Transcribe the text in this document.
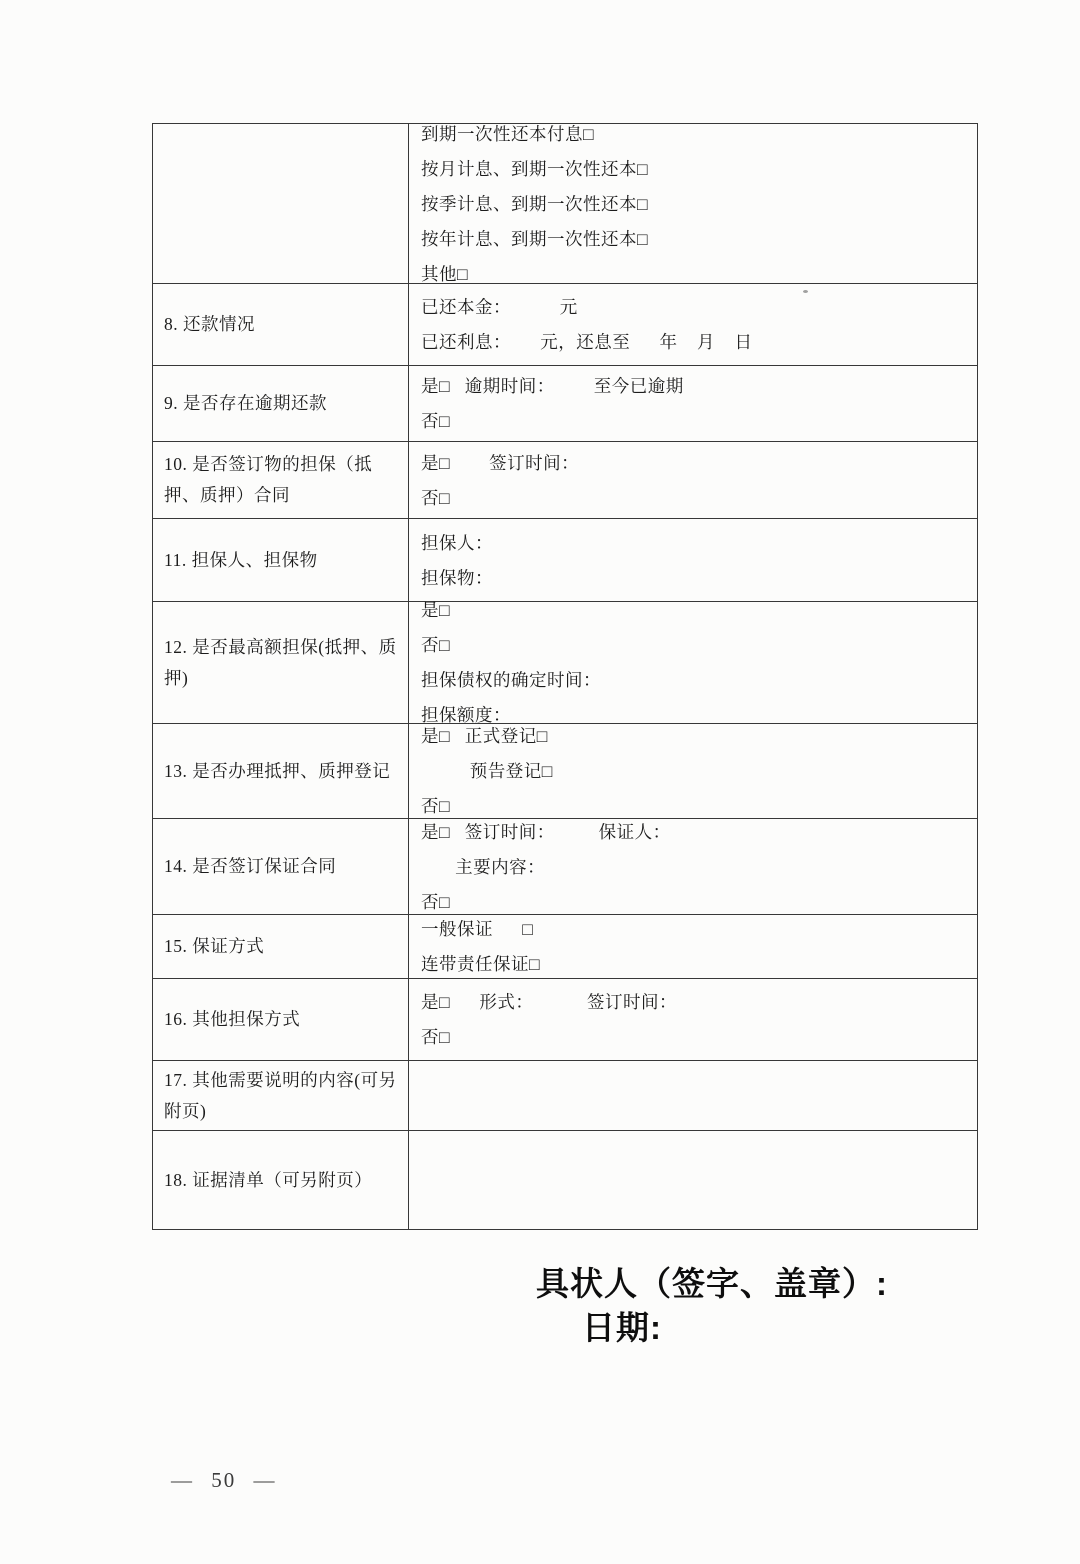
到期一次性还本付息□
按月计息、到期一次性还本□
按季计息、到期一次性还本□
按年计息、到期一次性还本□
其他□
8. 还款情况
已还本金：          元
已还利息：      元，还息至      年    月    日
9. 是否存在逾期还款
是□   逾期时间：        至今已逾期
否□
10. 是否签订物的担保（抵押、质押）合同
是□        签订时间：
否□
11. 担保人、担保物
担保人：
担保物：
12. 是否最高额担保(抵押、质押)
是□
否□
担保债权的确定时间：
担保额度：
13. 是否办理抵押、质押登记
是□   正式登记□
预告登记□
否□
14. 是否签订保证合同
是□   签订时间：         保证人：
主要内容：
否□
15. 保证方式
一般保证      □
连带责任保证□
16. 其他担保方式
是□      形式：           签订时间：
否□
17. 其他需要说明的内容(可另附页)
18. 证据清单（可另附页）
具状人（签字、盖章）:
日期:
— 50 —
